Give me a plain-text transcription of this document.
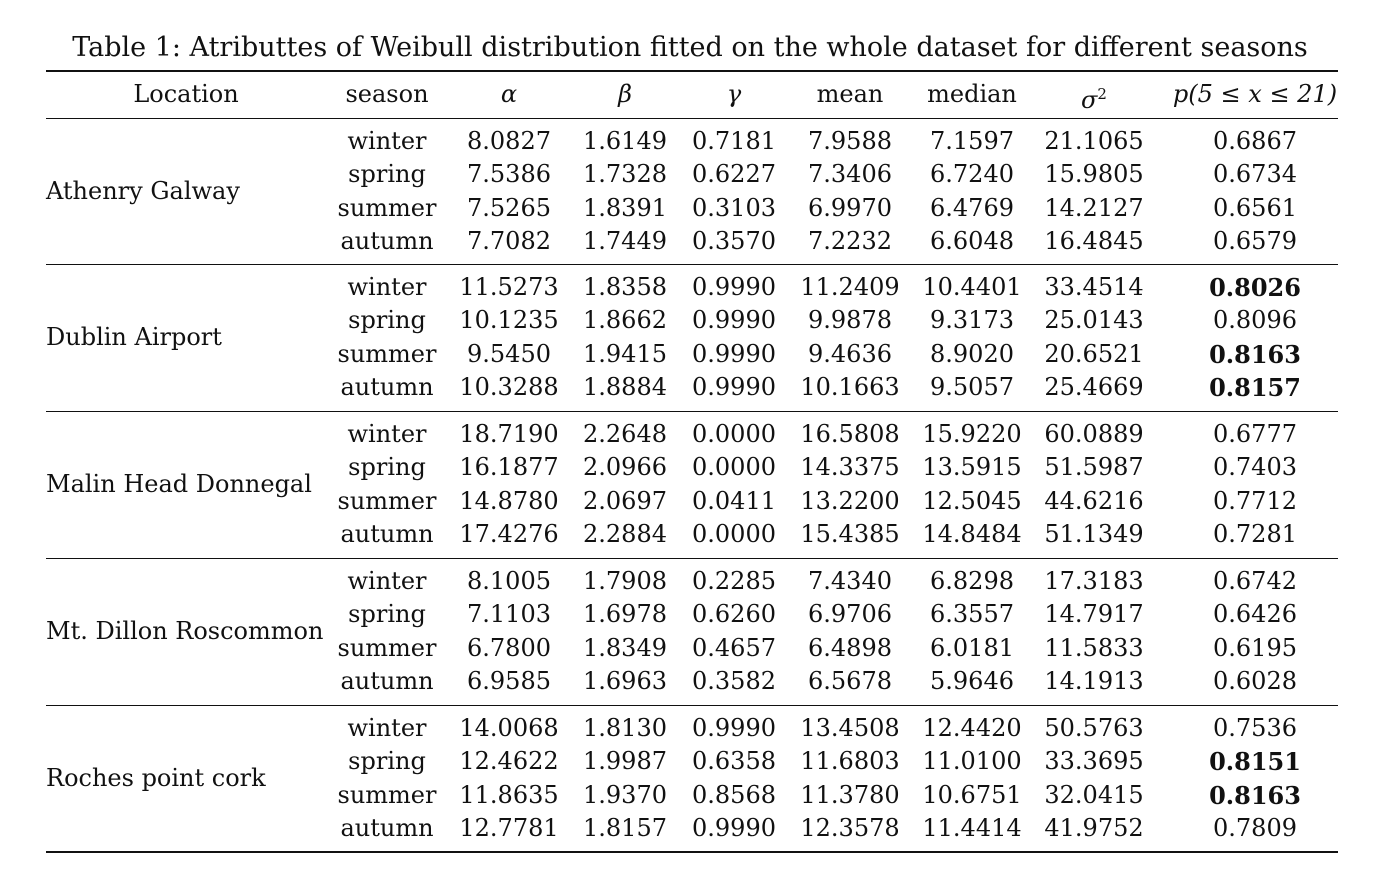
Table 1: Atributtes of Weibull distribution fitted on the whole dataset for different seasons
Location	season	α	β	γ	mean median	$\sigma^2$	p(5 ≤ x ≤ 21)
Athenry Galway
winter 8.0827 1.6149 0.7181 7.9588 7.1597 21.1065	0.6867
spring 7.5386 1.7328 0.6227 7.3406 6.7240 15.9805	0.6734
summer 7.5265 1.8391 0.3103 6.9970 6.4769 14.2127	0.6561
autumn 7.7082 1.7449 0.3570 7.2232 6.6048 16.4845	0.6579
Dublin Airport
winter 11.5273 1.8358 0.9990 11.2409 10.4401 33.4514	0.8026
spring 10.1235 1.8662 0.9990 9.9878 9.3173 25.0143	0.8096
summer 9.5450 1.9415 0.9990 9.4636 8.9020 20.6521	0.8163
autumn 10.3288 1.8884 0.9990 10.1663 9.5057 25.4669	0.8157
Malin Head Donnegal
winter 18.7190 2.2648 0.0000 16.5808 15.9220 60.0889	0.6777
spring 16.1877 2.0966 0.0000 14.3375 13.5915 51.5987	0.7403
summer 14.8780 2.0697 0.0411 13.2200 12.5045 44.6216	0.7712
autumn 17.4276 2.2884 0.0000 15.4385 14.8484 51.1349	0.7281
Mt. Dillon Roscommon
winter 8.1005 1.7908 0.2285 7.4340 6.8298 17.3183	0.6742
spring 7.1103 1.6978 0.6260 6.9706 6.3557 14.7917	0.6426
summer 6.7800 1.8349 0.4657 6.4898 6.0181 11.5833	0.6195
autumn 6.9585 1.6963 0.3582 6.5678 5.9646 14.1913	0.6028
Roches point cork
winter 14.0068 1.8130 0.9990 13.4508 12.4420 50.5763	0.7536
spring 12.4622 1.9987 0.6358 11.6803 11.0100 33.3695	0.8151
summer 11.8635 1.9370 0.8568 11.3780 10.6751 32.0415	0.8163
autumn 12.7781 1.8157 0.9990 12.3578 11.4414 41.9752	0.7809
